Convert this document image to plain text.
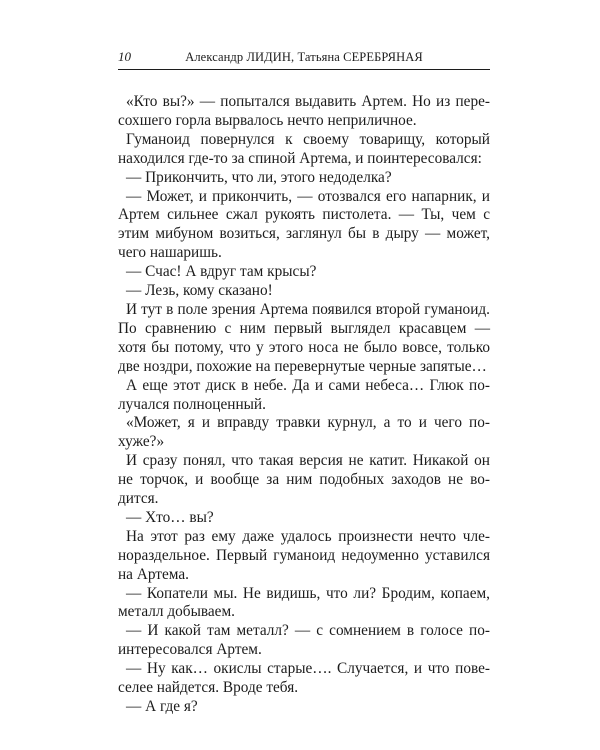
10	Александр ЛИДИН, Татьяна СЕРЕБРЯНАЯ

«Кто вы?» — попытался выдавить Артем. Но из пересохшего горла вырвалось нечто неприличное.

Гуманоид повернулся к своему товарищу, который находился где-то за спиной Артема, и поинтересовался:

— Прикончить, что ли, этого недоделка?

— Может, и прикончить, — отозвался его напарник, и Артем сильнее сжал рукоять пистолета. — Ты, чем с этим мибуном возиться, заглянул бы в дыру — может, чего нашаришь.

— Счас! А вдруг там крысы?

— Лезь, кому сказано!

И тут в поле зрения Артема появился второй гуманоид. По сравнению с ним первый выглядел красавцем — хотя бы потому, что у этого носа не было вовсе, только две ноздри, похожие на перевернутые черные запятые…

А еще этот диск в небе. Да и сами небеса… Глюк получался полноценный.

«Может, я и вправду травки курнул, а то и чего похуже?»

И сразу понял, что такая версия не катит. Никакой он не торчок, и вообще за ним подобных заходов не водится.

— Хто… вы?

На этот раз ему даже удалось произнести нечто членораздельное. Первый гуманоид недоуменно уставился на Артема.

— Копатели мы. Не видишь, что ли? Бродим, копаем, металл добываем.

— И какой там металл? — с сомнением в голосе поинтересовался Артем.

— Ну как… окислы старые…. Случается, и что повеселее найдется. Вроде тебя.

— А где я?
